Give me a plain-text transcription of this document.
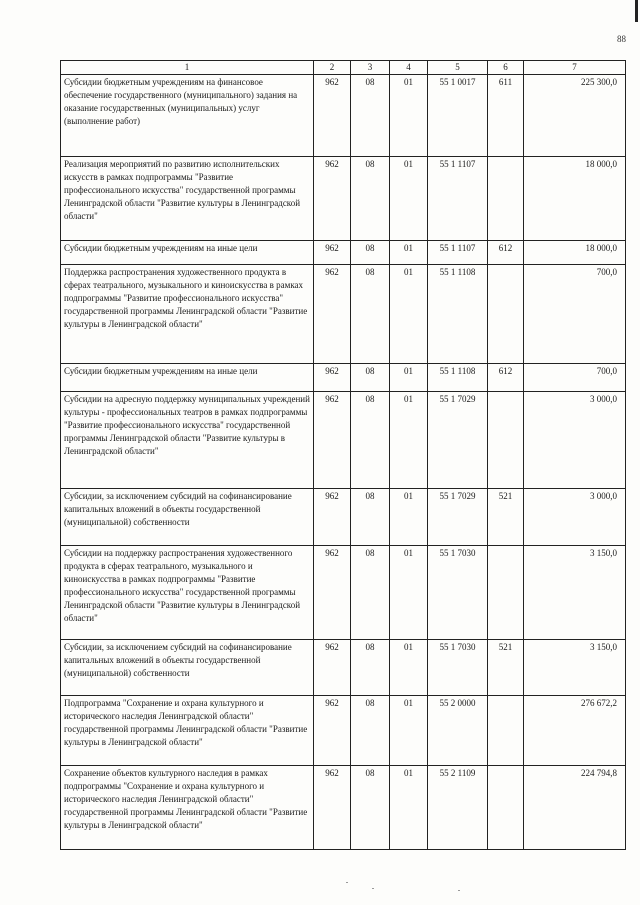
88
1	2	3	4	5	6	7
Субсидии бюджетным учреждениям на финансовое обеспечение государственного (муниципального) задания на оказание государственных (муниципальных) услуг (выполнение работ)	962	08	01	55 1 0017	611	225 300,0
Реализация мероприятий по развитию исполнительских искусств в рамках подпрограммы "Развитие профессионального искусства" государственной программы Ленинградской области "Развитие культуры в Ленинградской области"	962	08	01	55 1 1107		18 000,0
Субсидии бюджетным учреждениям на иные цели	962	08	01	55 1 1107	612	18 000,0
Поддержка распространения художественного продукта в сферах театрального, музыкального и киноискусства в рамках подпрограммы "Развитие профессионального искусства" государственной программы Ленинградской области "Развитие культуры в Ленинградской области"	962	08	01	55 1 1108		700,0
Субсидии бюджетным учреждениям на иные цели	962	08	01	55 1 1108	612	700,0
Субсидии на адресную поддержку муниципальных учреждений культуры - профессиональных театров в рамках подпрограммы "Развитие профессионального искусства" государственной программы Ленинградской области "Развитие культуры в Ленинградской области"	962	08	01	55 1 7029		3 000,0
Субсидии, за исключением субсидий на софинансирование капитальных вложений в объекты государственной (муниципальной) собственности	962	08	01	55 1 7029	521	3 000,0
Субсидии на поддержку распространения художественного продукта в сферах театрального, музыкального и киноискусства в рамках подпрограммы "Развитие профессионального искусства" государственной программы Ленинградской области "Развитие культуры в Ленинградской области"	962	08	01	55 1 7030		3 150,0
Субсидии, за исключением субсидий на софинансирование капитальных вложений в объекты государственной (муниципальной) собственности	962	08	01	55 1 7030	521	3 150,0
Подпрограмма "Сохранение и охрана культурного и исторического наследия Ленинградской области" государственной программы Ленинградской области "Развитие культуры в Ленинградской области"	962	08	01	55 2 0000		276 672,2
Сохранение объектов культурного наследия в рамках подпрограммы "Сохранение и охрана культурного и исторического наследия Ленинградской области" государственной программы Ленинградской области "Развитие культуры в Ленинградской области"	962	08	01	55 2 1109		224 794,8
